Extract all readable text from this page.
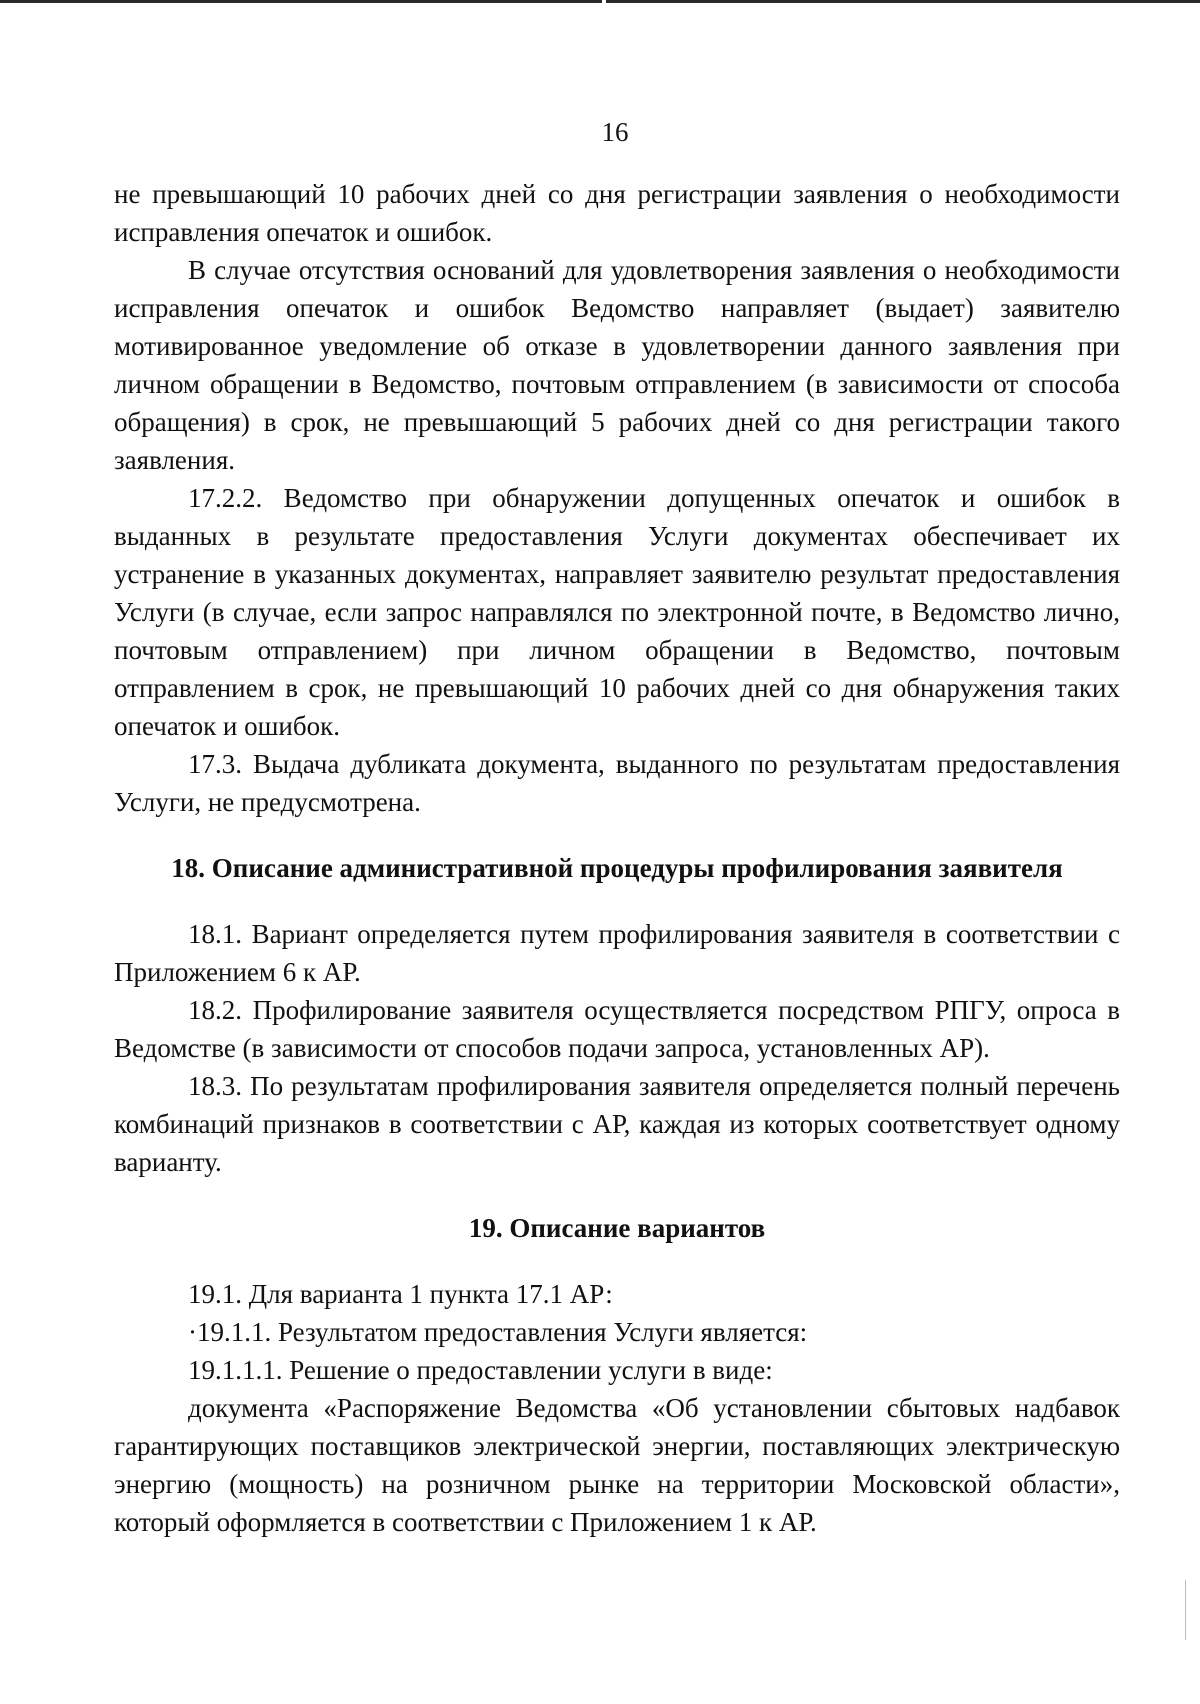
16

не превышающий 10 рабочих дней со дня регистрации заявления о необходимости исправления опечаток и ошибок.

В случае отсутствия оснований для удовлетворения заявления о необходимости исправления опечаток и ошибок Ведомство направляет (выдает) заявителю мотивированное уведомление об отказе в удовлетворении данного заявления при личном обращении в Ведомство, почтовым отправлением (в зависимости от способа обращения) в срок, не превышающий 5 рабочих дней со дня регистрации такого заявления.

17.2.2. Ведомство при обнаружении допущенных опечаток и ошибок в выданных в результате предоставления Услуги документах обеспечивает их устранение в указанных документах, направляет заявителю результат предоставления Услуги (в случае, если запрос направлялся по электронной почте, в Ведомство лично, почтовым отправлением) при личном обращении в Ведомство, почтовым отправлением в срок, не превышающий 10 рабочих дней со дня обнаружения таких опечаток и ошибок.

17.3. Выдача дубликата документа, выданного по результатам предоставления Услуги, не предусмотрена.

18. Описание административной процедуры профилирования заявителя

18.1. Вариант определяется путем профилирования заявителя в соответствии с Приложением 6 к АР.

18.2. Профилирование заявителя осуществляется посредством РПГУ, опроса в Ведомстве (в зависимости от способов подачи запроса, установленных АР).

18.3. По результатам профилирования заявителя определяется полный перечень комбинаций признаков в соответствии с АР, каждая из которых соответствует одному варианту.

19. Описание вариантов

19.1. Для варианта 1 пункта 17.1 АР:

·19.1.1. Результатом предоставления Услуги является:

19.1.1.1. Решение о предоставлении услуги в виде:

документа «Распоряжение Ведомства «Об установлении сбытовых надбавок гарантирующих поставщиков электрической энергии, поставляющих электрическую энергию (мощность) на розничном рынке на территории Московской области», который оформляется в соответствии с Приложением 1 к АР.
